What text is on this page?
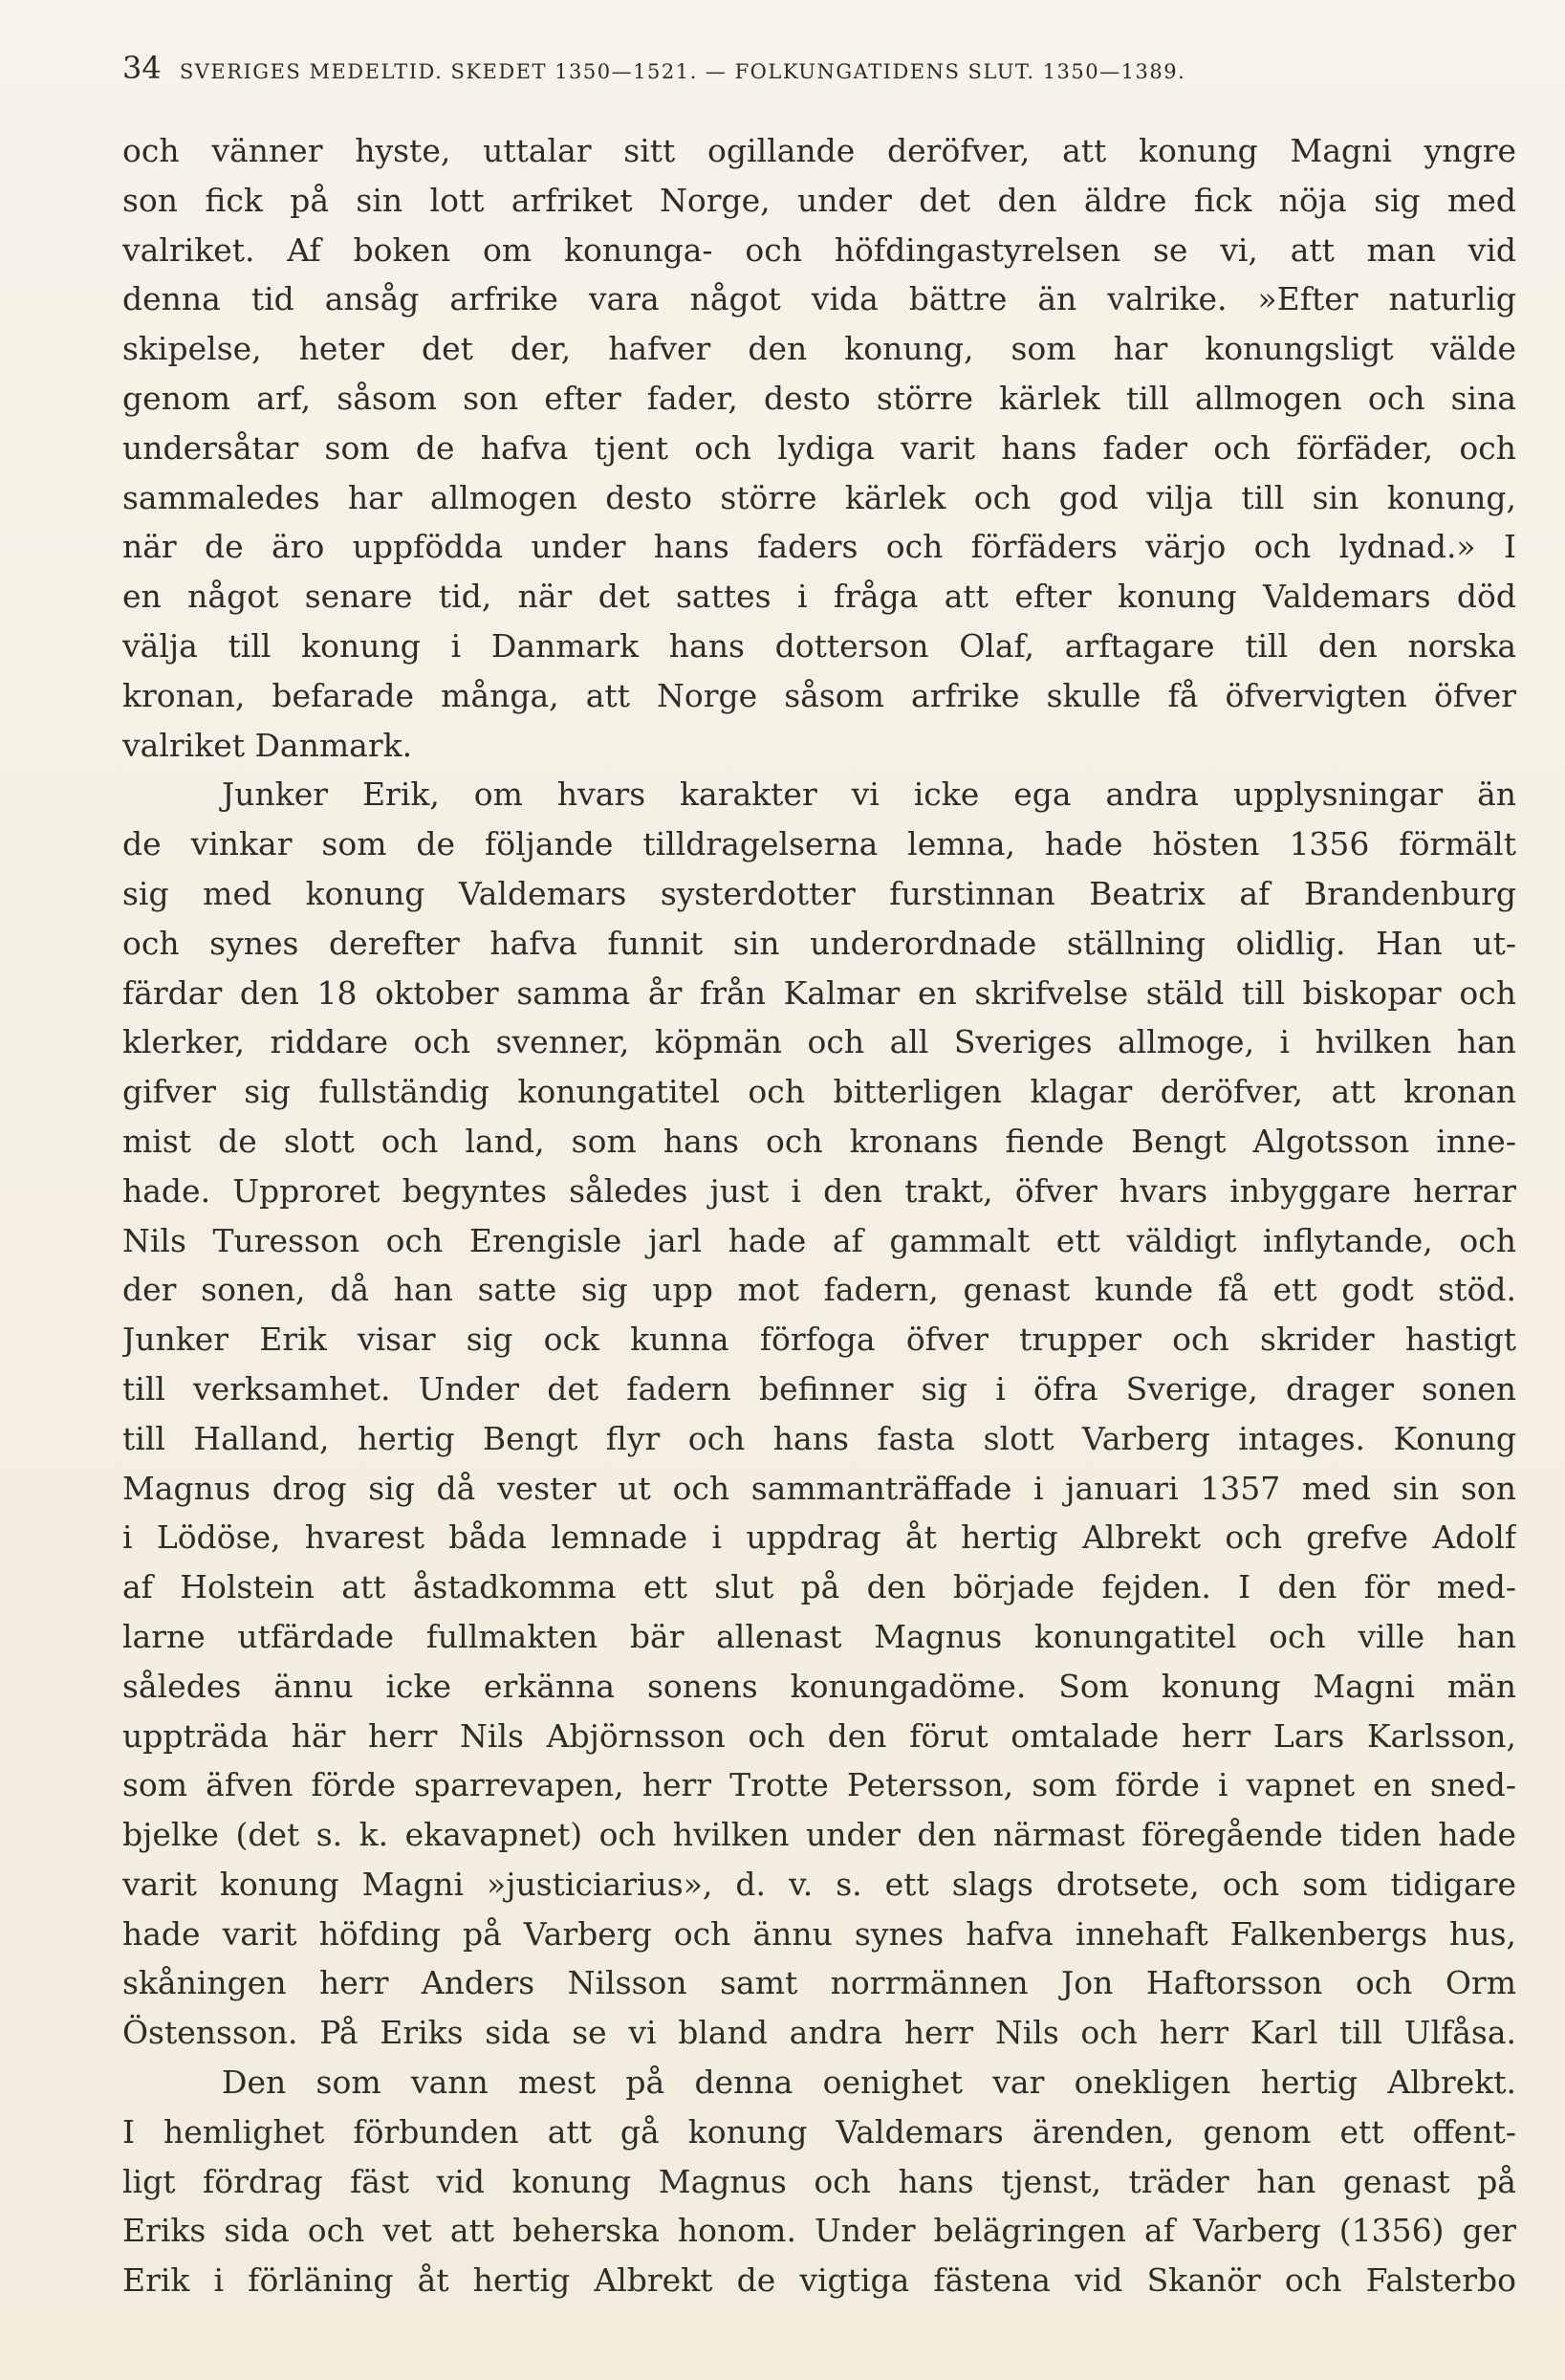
34 SVERIGES MEDELTID. SKEDET 1350—1521. — FOLKUNGATIDENS SLUT. 1350—1389.
och vänner hyste, uttalar sitt ogillande deröfver, att konung Magni yngre
son fick på sin lott arfriket Norge, under det den äldre fick nöja sig med
valriket. Af boken om konunga- och höfdingastyrelsen se vi, att man vid
denna tid ansåg arfrike vara något vida bättre än valrike. »Efter naturlig
skipelse, heter det der, hafver den konung, som har konungsligt välde
genom arf, såsom son efter fader, desto större kärlek till allmogen och sina
undersåtar som de hafva tjent och lydiga varit hans fader och förfäder, och
sammaledes har allmogen desto större kärlek och god vilja till sin konung,
när de äro uppfödda under hans faders och förfäders värjo och lydnad.» I
en något senare tid, när det sattes i fråga att efter konung Valdemars död
välja till konung i Danmark hans dotterson Olaf, arftagare till den norska
kronan, befarade många, att Norge såsom arfrike skulle få öfvervigten öfver
valriket Danmark.
Junker Erik, om hvars karakter vi icke ega andra upplysningar än
de vinkar som de följande tilldragelserna lemna, hade hösten 1356 förmält
sig med konung Valdemars systerdotter furstinnan Beatrix af Brandenburg
och synes derefter hafva funnit sin underordnade ställning olidlig. Han ut-
färdar den 18 oktober samma år från Kalmar en skrifvelse stäld till biskopar och
klerker, riddare och svenner, köpmän och all Sveriges allmoge, i hvilken han
gifver sig fullständig konungatitel och bitterligen klagar deröfver, att kronan
mist de slott och land, som hans och kronans fiende Bengt Algotsson inne-
hade. Upproret begyntes således just i den trakt, öfver hvars inbyggare herrar
Nils Turesson och Erengisle jarl hade af gammalt ett väldigt inflytande, och
der sonen, då han satte sig upp mot fadern, genast kunde få ett godt stöd.
Junker Erik visar sig ock kunna förfoga öfver trupper och skrider hastigt
till verksamhet. Under det fadern befinner sig i öfra Sverige, drager sonen
till Halland, hertig Bengt flyr och hans fasta slott Varberg intages. Konung
Magnus drog sig då vester ut och sammanträffade i januari 1357 med sin son
i Lödöse, hvarest båda lemnade i uppdrag åt hertig Albrekt och grefve Adolf
af Holstein att åstadkomma ett slut på den började fejden. I den för med-
larne utfärdade fullmakten bär allenast Magnus konungatitel och ville han
således ännu icke erkänna sonens konungadöme. Som konung Magni män
uppträda här herr Nils Abjörnsson och den förut omtalade herr Lars Karlsson,
som äfven förde sparrevapen, herr Trotte Petersson, som förde i vapnet en sned-
bjelke (det s. k. ekavapnet) och hvilken under den närmast föregående tiden hade
varit konung Magni »justiciarius», d. v. s. ett slags drotsete, och som tidigare
hade varit höfding på Varberg och ännu synes hafva innehaft Falkenbergs hus,
skåningen herr Anders Nilsson samt norrmännen Jon Haftorsson och Orm
Östensson. På Eriks sida se vi bland andra herr Nils och herr Karl till Ulfåsa.
Den som vann mest på denna oenighet var onekligen hertig Albrekt.
I hemlighet förbunden att gå konung Valdemars ärenden, genom ett offent-
ligt fördrag fäst vid konung Magnus och hans tjenst, träder han genast på
Eriks sida och vet att beherska honom. Under belägringen af Varberg (1356) ger
Erik i förläning åt hertig Albrekt de vigtiga fästena vid Skanör och Falsterbo
